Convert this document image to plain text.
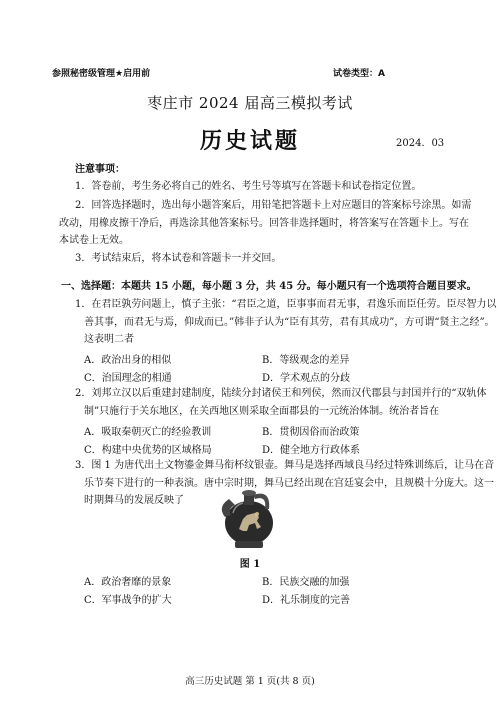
参照秘密级管理★启用前	试卷类型：A
枣庄市 2024 届高三模拟考试
历史试题	2024．03
注意事项：
1．答卷前，考生务必将自己的姓名、考生号等填写在答题卡和试卷指定位置。
2．回答选择题时，选出每小题答案后，用铅笔把答题卡上对应题目的答案标号涂黑。如需
改动，用橡皮擦干净后，再选涂其他答案标号。回答非选择题时，将答案写在答题卡上。写在
本试卷上无效。
3．考试结束后，将本试卷和答题卡一并交回。
一、选择题：本题共 15 小题，每小题 3 分，共 45 分。每小题只有一个选项符合题目要求。
1．在君臣孰劳问题上，慎子主张：“君臣之道，臣事事而君无事，君逸乐而臣任劳。臣尽智力以
善其事，而君无与焉，仰成而已。”韩非子认为“臣有其劳，君有其成功”，方可谓“贤主之经”。
这表明二者
A．政治出身的相似	B．等级观念的差异
C．治国理念的相通	D．学术观点的分歧
2．刘邦立汉以后重建封建制度，陆续分封诸侯王和列侯，然而汉代郡县与封国并行的“双轨体
制”只施行于关东地区，在关西地区则采取全面郡县的一元统治体制。统治者旨在
A．吸取秦朝灭亡的经验教训	B．贯彻因俗而治政策
C．构建中央优势的区域格局	D．健全地方行政体系
3．图 1 为唐代出土文物鎏金舞马衔杯纹银壶。舞马是选择西域良马经过特殊训练后，让马在音
乐节奏下进行的一种表演。唐中宗时期，舞马已经出现在宫廷宴会中，且规模十分庞大。这一
时期舞马的发展反映了
图 1
A．政治奢靡的景象	B．民族交融的加强
C．军事战争的扩大	D．礼乐制度的完善
高三历史试题 第 1 页(共 8 页)
